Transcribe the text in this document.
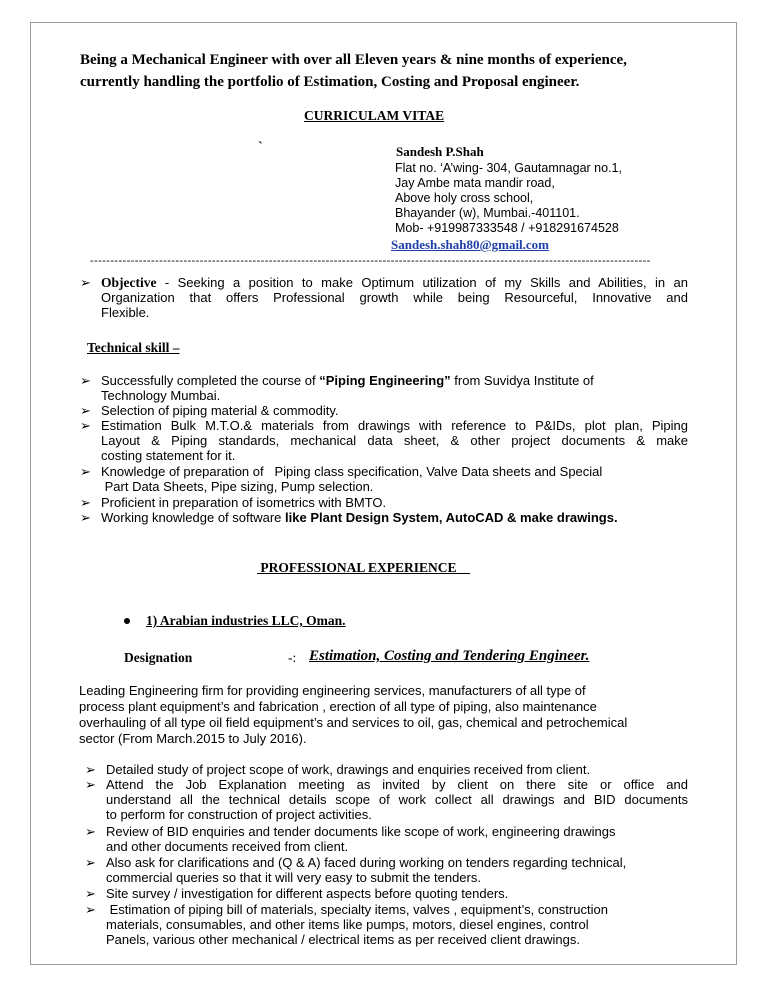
Being a Mechanical Engineer with over all Eleven years & nine months of experience,
currently handling the portfolio of Estimation, Costing and Proposal engineer.
CURRICULAM VITAE
`	Sandesh P.Shah
Flat no. ‘A’wing- 304, Gautamnagar no.1,
Jay Ambe mata mandir road,
Above holy cross school,
Bhayander (w), Mumbai.-401101.
Mob- +919987333548 / +918291674528
Sandesh.shah80@gmail.com
------------------------------------------------------------------------------------------------------------------------------------------
➢ Objective - Seeking a position to make Optimum utilization of my Skills and Abilities, in an
Organization that offers Professional growth while being Resourceful, Innovative and
Flexible.
Technical skill –
➢ Successfully completed the course of “Piping Engineering” from Suvidya Institute of
Technology Mumbai.
➢ Selection of piping material & commodity.
➢ Estimation Bulk M.T.O.& materials from drawings with reference to P&IDs, plot plan, Piping
Layout & Piping standards, mechanical data sheet, & other project documents & make
costing statement for it.
➢ Knowledge of preparation of   Piping class specification, Valve Data sheets and Special
Part Data Sheets, Pipe sizing, Pump selection.
➢ Proficient in preparation of isometrics with BMTO.
➢ Working knowledge of software like Plant Design System, AutoCAD & make drawings.
PROFESSIONAL EXPERIENCE
1) Arabian industries LLC, Oman.
Designation	-: Estimation, Costing and Tendering Engineer.
Leading Engineering firm for providing engineering services, manufacturers of all type of
process plant equipment’s and fabrication , erection of all type of piping, also maintenance
overhauling of all type oil field equipment’s and services to oil, gas, chemical and petrochemical
sector (From March.2015 to July 2016).
➢ Detailed study of project scope of work, drawings and enquiries received from client.
➢ Attend the Job Explanation meeting as invited by client on there site or office and
understand all the technical details scope of work collect all drawings and BID documents
to perform for construction of project activities.
➢ Review of BID enquiries and tender documents like scope of work, engineering drawings
and other documents received from client.
➢ Also ask for clarifications and (Q & A) faced during working on tenders regarding technical,
commercial queries so that it will very easy to submit the tenders.
➢ Site survey / investigation for different aspects before quoting tenders.
➢ Estimation of piping bill of materials, specialty items, valves , equipment’s, construction
materials, consumables, and other items like pumps, motors, diesel engines, control
Panels, various other mechanical / electrical items as per received client drawings.
